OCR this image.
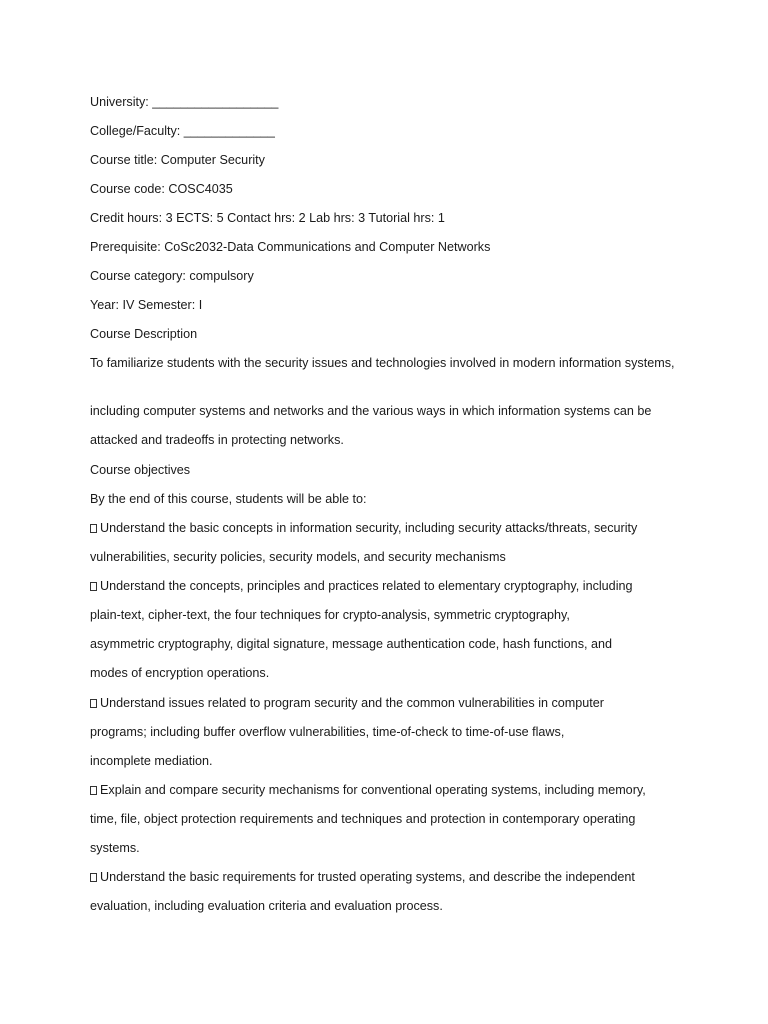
University: __________________
College/Faculty: _____________
Course title: Computer Security
Course code: COSC4035
Credit hours: 3 ECTS: 5 Contact hrs: 2 Lab hrs: 3 Tutorial hrs: 1
Prerequisite: CoSc2032-Data Communications and Computer Networks
Course category: compulsory
Year: IV Semester: I
Course Description
To familiarize students with the security issues and technologies involved in modern information systems,
including computer systems and networks and the various ways in which information systems can be
attacked and tradeoffs in protecting networks.
Course objectives
By the end of this course, students will be able to:
Understand the basic concepts in information security, including security attacks/threats, security
vulnerabilities, security policies, security models, and security mechanisms
Understand the concepts, principles and practices related to elementary cryptography, including
plain-text, cipher-text, the four techniques for crypto-analysis, symmetric cryptography,
asymmetric cryptography, digital signature, message authentication code, hash functions, and
modes of encryption operations.
Understand issues related to program security and the common vulnerabilities in computer
programs; including buffer overflow vulnerabilities, time-of-check to time-of-use flaws,
incomplete mediation.
Explain and compare security mechanisms for conventional operating systems, including memory,
time, file, object protection requirements and techniques and protection in contemporary operating
systems.
Understand the basic requirements for trusted operating systems, and describe the independent
evaluation, including evaluation criteria and evaluation process.
